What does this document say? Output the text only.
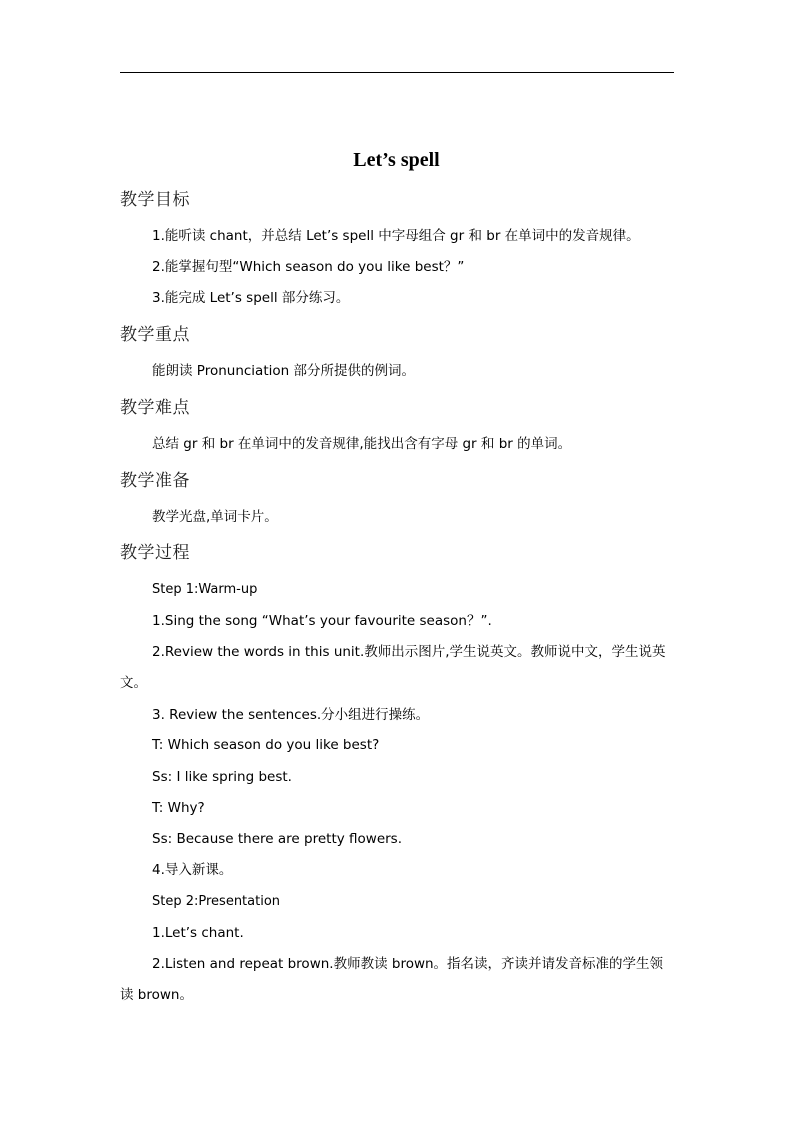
Let’s spell
教学目标
1.能听读 chant，并总结 Let’s spell 中字母组合 gr 和 br 在单词中的发音规律。
2.能掌握句型“Which season do you like best？”
3.能完成 Let’s spell 部分练习。
教学重点
能朗读 Pronunciation 部分所提供的例词。
教学难点
总结 gr 和 br 在单词中的发音规律,能找出含有字母 gr 和 br 的单词。
教学准备
教学光盘,单词卡片。
教学过程
Step 1:Warm-up
1.Sing the song “What’s your favourite season？”.
2.Review the words in this unit.教师出示图片,学生说英文。教师说中文，学生说英文。
3. Review the sentences.分小组进行操练。
T: Which season do you like best?
Ss: I like spring best.
T: Why?
Ss: Because there are pretty flowers.
4.导入新课。
Step 2:Presentation
1.Let’s chant.
2.Listen and repeat brown.教师教读 brown。指名读，齐读并请发音标准的学生领读 brown。
